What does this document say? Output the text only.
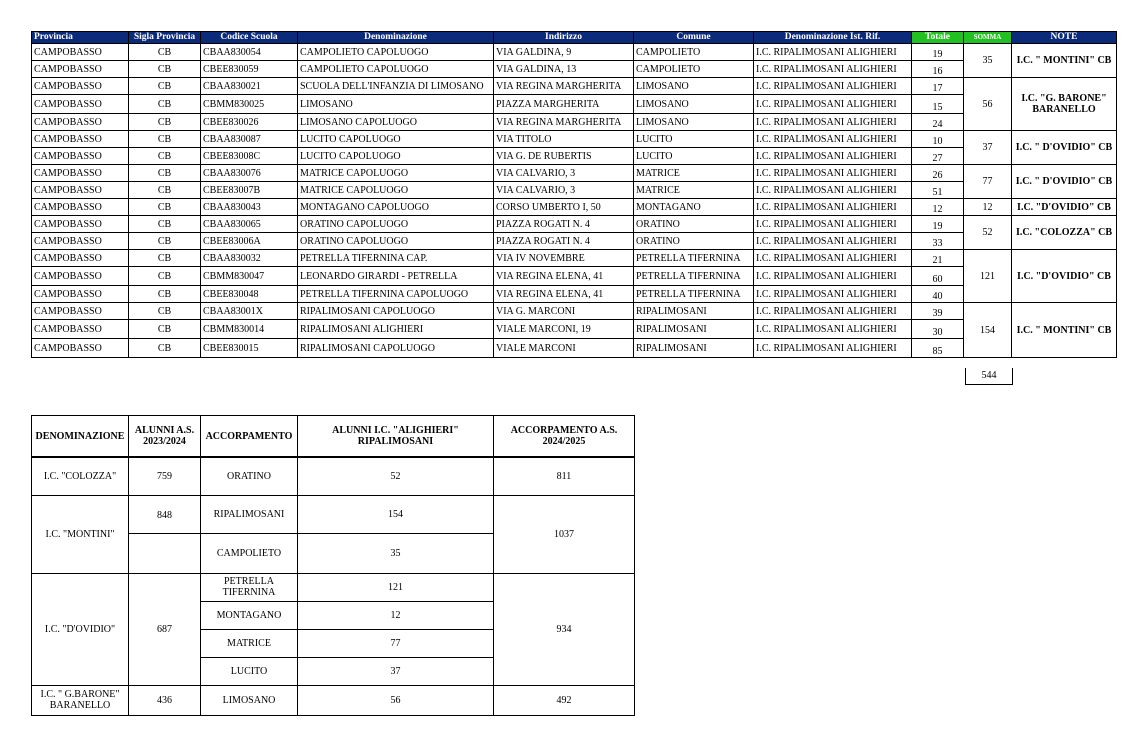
Provincia	Sigla Provincia	Codice Scuola	Denominazione	Indirizzo	Comune	Denominazione Ist. Rif.	Totale	SOMMA	NOTE
CAMPOBASSO	CB	CBAA830054	CAMPOLIETO CAPOLUOGO	VIA GALDINA, 9	CAMPOLIETO	I.C. RIPALIMOSANI ALIGHIERI	19	35	I.C. " MONTINI" CB
CAMPOBASSO	CB	CBEE830059	CAMPOLIETO CAPOLUOGO	VIA GALDINA, 13	CAMPOLIETO	I.C. RIPALIMOSANI ALIGHIERI	16		
CAMPOBASSO	CB	CBAA830021	SCUOLA DELL'INFANZIA DI LIMOSANO	VIA REGINA MARGHERITA	LIMOSANO	I.C. RIPALIMOSANI ALIGHIERI	17	56	I.C. "G. BARONE" BARANELLO
CAMPOBASSO	CB	CBMM830025	LIMOSANO	PIAZZA MARGHERITA	LIMOSANO	I.C. RIPALIMOSANI ALIGHIERI	15		
CAMPOBASSO	CB	CBEE830026	LIMOSANO CAPOLUOGO	VIA REGINA MARGHERITA	LIMOSANO	I.C. RIPALIMOSANI ALIGHIERI	24		
CAMPOBASSO	CB	CBAA830087	LUCITO CAPOLUOGO	VIA TITOLO	LUCITO	I.C. RIPALIMOSANI ALIGHIERI	10	37	I.C. " D'OVIDIO" CB
CAMPOBASSO	CB	CBEE83008C	LUCITO CAPOLUOGO	VIA G. DE RUBERTIS	LUCITO	I.C. RIPALIMOSANI ALIGHIERI	27		
CAMPOBASSO	CB	CBAA830076	MATRICE CAPOLUOGO	VIA CALVARIO, 3	MATRICE	I.C. RIPALIMOSANI ALIGHIERI	26	77	I.C. " D'OVIDIO" CB
CAMPOBASSO	CB	CBEE83007B	MATRICE CAPOLUOGO	VIA CALVARIO, 3	MATRICE	I.C. RIPALIMOSANI ALIGHIERI	51		
CAMPOBASSO	CB	CBAA830043	MONTAGANO CAPOLUOGO	CORSO UMBERTO I, 50	MONTAGANO	I.C. RIPALIMOSANI ALIGHIERI	12	12	I.C. "D'OVIDIO" CB
CAMPOBASSO	CB	CBAA830065	ORATINO CAPOLUOGO	PIAZZA ROGATI N. 4	ORATINO	I.C. RIPALIMOSANI ALIGHIERI	19	52	I.C. "COLOZZA" CB
CAMPOBASSO	CB	CBEE83006A	ORATINO CAPOLUOGO	PIAZZA ROGATI N. 4	ORATINO	I.C. RIPALIMOSANI ALIGHIERI	33		
CAMPOBASSO	CB	CBAA830032	PETRELLA TIFERNINA CAP.	VIA IV NOVEMBRE	PETRELLA TIFERNINA	I.C. RIPALIMOSANI ALIGHIERI	21	121	I.C. "D'OVIDIO" CB
CAMPOBASSO	CB	CBMM830047	LEONARDO GIRARDI - PETRELLA	VIA REGINA ELENA, 41	PETRELLA TIFERNINA	I.C. RIPALIMOSANI ALIGHIERI	60		
CAMPOBASSO	CB	CBEE830048	PETRELLA TIFERNINA CAPOLUOGO	VIA REGINA ELENA, 41	PETRELLA TIFERNINA	I.C. RIPALIMOSANI ALIGHIERI	40		
CAMPOBASSO	CB	CBAA83001X	RIPALIMOSANI CAPOLUOGO	VIA G. MARCONI	RIPALIMOSANI	I.C. RIPALIMOSANI ALIGHIERI	39	154	I.C. " MONTINI" CB
CAMPOBASSO	CB	CBMM830014	RIPALIMOSANI ALIGHIERI	VIALE MARCONI, 19	RIPALIMOSANI	I.C. RIPALIMOSANI ALIGHIERI	30		
CAMPOBASSO	CB	CBEE830015	RIPALIMOSANI CAPOLUOGO	VIALE MARCONI	RIPALIMOSANI	I.C. RIPALIMOSANI ALIGHIERI	85		
544
DENOMINAZIONE	ALUNNI A.S. 2023/2024	ACCORPAMENTO	ALUNNI I.C. "ALIGHIERI" RIPALIMOSANI	ACCORPAMENTO A.S. 2024/2025
I.C. "COLOZZA"	759	ORATINO	52	811
I.C. "MONTINI"	848	RIPALIMOSANI	154	1037
		CAMPOLIETO	35	
I.C. "D'OVIDIO"	687	PETRELLA TIFERNINA	121	934
		MONTAGANO	12	
		MATRICE	77	
		LUCITO	37	
I.C. " G.BARONE" BARANELLO	436	LIMOSANO	56	492
